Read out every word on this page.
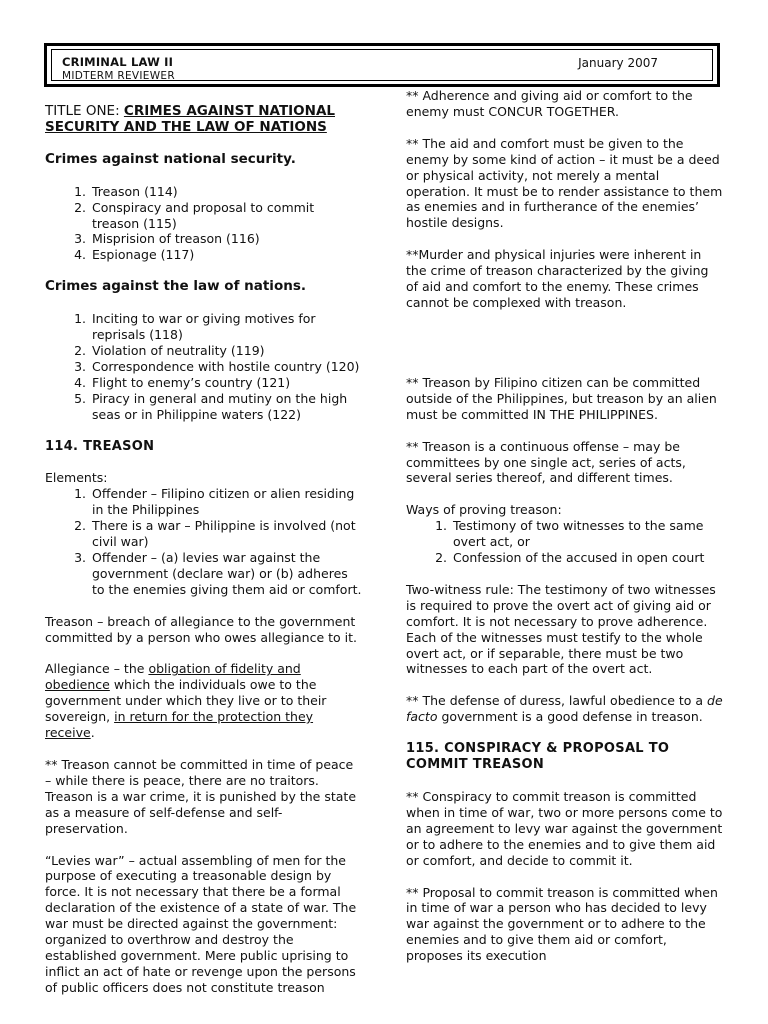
CRIMINAL LAW II
MIDTERM REVIEWER
January 2007

TITLE ONE: CRIMES AGAINST NATIONAL SECURITY AND THE LAW OF NATIONS

Crimes against national security.

1. Treason (114)
2. Conspiracy and proposal to commit treason (115)
3. Misprision of treason (116)
4. Espionage (117)

Crimes against the law of nations.

1. Inciting to war or giving motives for reprisals (118)
2. Violation of neutrality (119)
3. Correspondence with hostile country (120)
4. Flight to enemy’s country (121)
5. Piracy in general and mutiny on the high seas or in Philippine waters (122)

114. TREASON

Elements:

1. Offender – Filipino citizen or alien residing in the Philippines
2. There is a war – Philippine is involved (not civil war)
3. Offender – (a) levies war against the government (declare war) or (b) adheres to the enemies giving them aid or comfort.

Treason – breach of allegiance to the government committed by a person who owes allegiance to it.

Allegiance – the obligation of fidelity and obedience which the individuals owe to the government under which they live or to their sovereign, in return for the protection they receive.

** Treason cannot be committed in time of peace – while there is peace, there are no traitors. Treason is a war crime, it is punished by the state as a measure of self-defense and self-preservation.

“Levies war” – actual assembling of men for the purpose of executing a treasonable design by force. It is not necessary that there be a formal declaration of the existence of a state of war. The war must be directed against the government: organized to overthrow and destroy the established government. Mere public uprising to inflict an act of hate or revenge upon the persons of public officers does not constitute treason

** Adherence and giving aid or comfort to the enemy must CONCUR TOGETHER.

** The aid and comfort must be given to the enemy by some kind of action – it must be a deed or physical activity, not merely a mental operation. It must be to render assistance to them as enemies and in furtherance of the enemies’ hostile designs.

**Murder and physical injuries were inherent in the crime of treason characterized by the giving of aid and comfort to the enemy. These crimes cannot be complexed with treason.

** Treason by Filipino citizen can be committed outside of the Philippines, but treason by an alien must be committed IN THE PHILIPPINES.

** Treason is a continuous offense – may be committees by one single act, series of acts, several series thereof, and different times.

Ways of proving treason:

1. Testimony of two witnesses to the same overt act, or
2. Confession of the accused in open court

Two-witness rule: The testimony of two witnesses is required to prove the overt act of giving aid or comfort. It is not necessary to prove adherence. Each of the witnesses must testify to the whole overt act, or if separable, there must be two witnesses to each part of the overt act.

** The defense of duress, lawful obedience to a de facto government is a good defense in treason.

115. CONSPIRACY & PROPOSAL TO COMMIT TREASON

** Conspiracy to commit treason is committed when in time of war, two or more persons come to an agreement to levy war against the government or to adhere to the enemies and to give them aid or comfort, and decide to commit it.

** Proposal to commit treason is committed when in time of war a person who has decided to levy war against the government or to adhere to the enemies and to give them aid or comfort, proposes its execution
